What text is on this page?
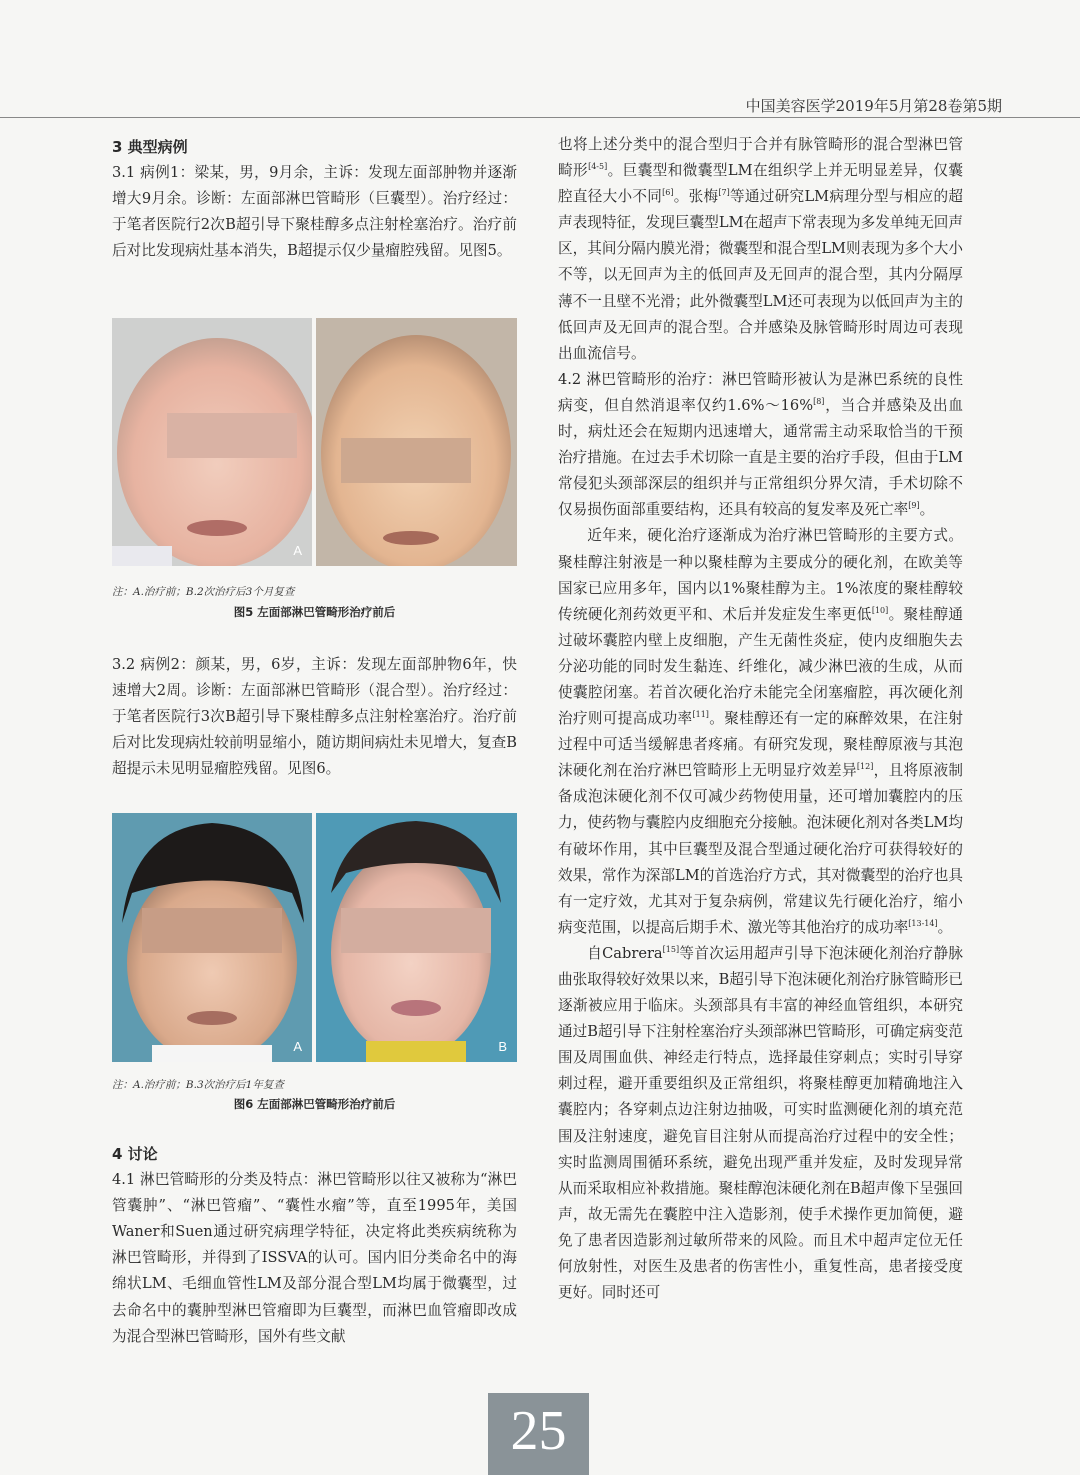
中国美容医学2019年5月第28卷第5期

3 典型病例

3.1 病例1：梁某，男，9月余，主诉：发现左面部肿物并逐渐增大9月余。诊断：左面部淋巴管畸形（巨囊型）。治疗经过：于笔者医院行2次B超引导下聚桂醇多点注射栓塞治疗。治疗前后对比发现病灶基本消失，B超提示仅少量瘤腔残留。见图5。

A
注：A.治疗前；B.2次治疗后3个月复查
图5 左面部淋巴管畸形治疗前后

3.2 病例2：颜某，男，6岁，主诉：发现左面部肿物6年，快速增大2周。诊断：左面部淋巴管畸形（混合型）。治疗经过：于笔者医院行3次B超引导下聚桂醇多点注射栓塞治疗。治疗前后对比发现病灶较前明显缩小，随访期间病灶未见增大，复查B超提示未见明显瘤腔残留。见图6。

A	B
注：A.治疗前；B.3次治疗后1年复查
图6 左面部淋巴管畸形治疗前后

4 讨论

4.1 淋巴管畸形的分类及特点：淋巴管畸形以往又被称为“淋巴管囊肿”、“淋巴管瘤”、“囊性水瘤”等，直至1995年，美国Waner和Suen通过研究病理学特征，决定将此类疾病统称为淋巴管畸形，并得到了ISSVA的认可。国内旧分类命名中的海绵状LM、毛细血管性LM及部分混合型LM均属于微囊型，过去命名中的囊肿型淋巴管瘤即为巨囊型，而淋巴血管瘤即改成为混合型淋巴管畸形，国外有些文献

也将上述分类中的混合型归于合并有脉管畸形的混合型淋巴管畸形[4-5]。巨囊型和微囊型LM在组织学上并无明显差异，仅囊腔直径大小不同[6]。张梅[7]等通过研究LM病理分型与相应的超声表现特征，发现巨囊型LM在超声下常表现为多发单纯无回声区，其间分隔内膜光滑；微囊型和混合型LM则表现为多个大小不等，以无回声为主的低回声及无回声的混合型，其内分隔厚薄不一且壁不光滑；此外微囊型LM还可表现为以低回声为主的低回声及无回声的混合型。合并感染及脉管畸形时周边可表现出血流信号。

4.2 淋巴管畸形的治疗：淋巴管畸形被认为是淋巴系统的良性病变，但自然消退率仅约1.6%～16%[8]，当合并感染及出血时，病灶还会在短期内迅速增大，通常需主动采取恰当的干预治疗措施。在过去手术切除一直是主要的治疗手段，但由于LM常侵犯头颈部深层的组织并与正常组织分界欠清，手术切除不仅易损伤面部重要结构，还具有较高的复发率及死亡率[9]。

近年来，硬化治疗逐渐成为治疗淋巴管畸形的主要方式。聚桂醇注射液是一种以聚桂醇为主要成分的硬化剂，在欧美等国家已应用多年，国内以1%聚桂醇为主。1%浓度的聚桂醇较传统硬化剂药效更平和、术后并发症发生率更低[10]。聚桂醇通过破坏囊腔内壁上皮细胞，产生无菌性炎症，使内皮细胞失去分泌功能的同时发生黏连、纤维化，减少淋巴液的生成，从而使囊腔闭塞。若首次硬化治疗未能完全闭塞瘤腔，再次硬化剂治疗则可提高成功率[11]。聚桂醇还有一定的麻醉效果，在注射过程中可适当缓解患者疼痛。有研究发现，聚桂醇原液与其泡沫硬化剂在治疗淋巴管畸形上无明显疗效差异[12]，且将原液制备成泡沫硬化剂不仅可减少药物使用量，还可增加囊腔内的压力，使药物与囊腔内皮细胞充分接触。泡沫硬化剂对各类LM均有破坏作用，其中巨囊型及混合型通过硬化治疗可获得较好的效果，常作为深部LM的首选治疗方式，其对微囊型的治疗也具有一定疗效，尤其对于复杂病例，常建议先行硬化治疗，缩小病变范围，以提高后期手术、激光等其他治疗的成功率[13-14]。

自Cabrera[15]等首次运用超声引导下泡沫硬化剂治疗静脉曲张取得较好效果以来，B超引导下泡沫硬化剂治疗脉管畸形已逐渐被应用于临床。头颈部具有丰富的神经血管组织，本研究通过B超引导下注射栓塞治疗头颈部淋巴管畸形，可确定病变范围及周围血供、神经走行特点，选择最佳穿刺点；实时引导穿刺过程，避开重要组织及正常组织，将聚桂醇更加精确地注入囊腔内；各穿刺点边注射边抽吸，可实时监测硬化剂的填充范围及注射速度，避免盲目注射从而提高治疗过程中的安全性；实时监测周围循环系统，避免出现严重并发症，及时发现异常从而采取相应补救措施。聚桂醇泡沫硬化剂在B超声像下呈强回声，故无需先在囊腔中注入造影剂，使手术操作更加简便，避免了患者因造影剂过敏所带来的风险。而且术中超声定位无任何放射性，对医生及患者的伤害性小，重复性高，患者接受度更好。同时还可

25
